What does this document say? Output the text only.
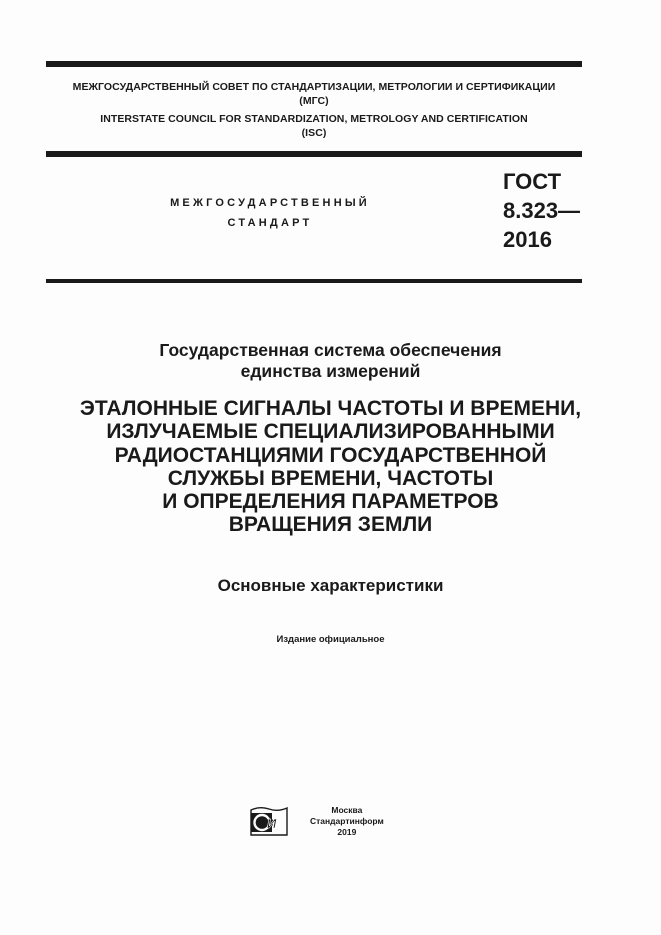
МЕЖГОСУДАРСТВЕННЫЙ СОВЕТ ПО СТАНДАРТИЗАЦИИ, МЕТРОЛОГИИ И СЕРТИФИКАЦИИ
(МГС)
INTERSTATE COUNCIL FOR STANDARDIZATION, METROLOGY AND CERTIFICATION
(ISC)
МЕЖГОСУДАРСТВЕННЫЙ
СТАНДАРТ
ГОСТ
8.323—
2016
Государственная система обеспечения
единства измерений
ЭТАЛОННЫЕ СИГНАЛЫ ЧАСТОТЫ И ВРЕМЕНИ,
ИЗЛУЧАЕМЫЕ СПЕЦИАЛИЗИРОВАННЫМИ
РАДИОСТАНЦИЯМИ ГОСУДАРСТВЕННОЙ
СЛУЖБЫ ВРЕМЕНИ, ЧАСТОТЫ
И ОПРЕДЕЛЕНИЯ ПАРАМЕТРОВ
ВРАЩЕНИЯ ЗЕМЛИ
Основные характеристики
Издание официальное
И
Москва
Стандартинформ
2019
